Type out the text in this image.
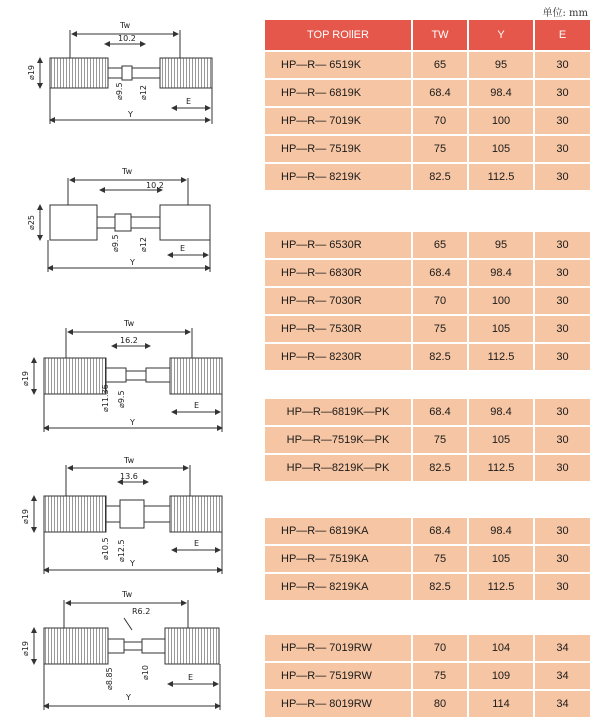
单位: mm
Tw
10.2
⌀19
⌀9.5 ⌀12
E
Y
Tw
10.2
⌀25
⌀9.5 ⌀12	E
Y
Tw
16.2
⌀19
⌀11.36 ⌀9.5	E
Y
Tw
13.6
⌀19
⌀10.5 ⌀12.5	E
Y
Tw
R6.2
⌀19
⌀8.85	⌀10	E
Y
TOP ROllER	TW	Y	E
HP—R— 6519K	65	95	30
HP—R— 6819K	68.4	98.4	30
HP—R— 7019K	70	100	30
HP—R— 7519K	75	105	30
HP—R— 8219K	82.5	112.5	30
HP—R— 6530R	65	95	30
HP—R— 6830R	68.4	98.4	30
HP—R— 7030R	70	100	30
HP—R— 7530R	75	105	30
HP—R— 8230R	82.5	112.5	30
HP—R—6819K—PK	68.4	98.4	30
HP—R—7519K—PK	75	105	30
HP—R—8219K—PK	82.5	112.5	30
HP—R— 6819KA	68.4	98.4	30
HP—R— 7519KA	75	105	30
HP—R— 8219KA	82.5	112.5	30
HP—R— 7019RW	70	104	34
HP—R— 7519RW	75	109	34
HP—R— 8019RW	80	114	34
